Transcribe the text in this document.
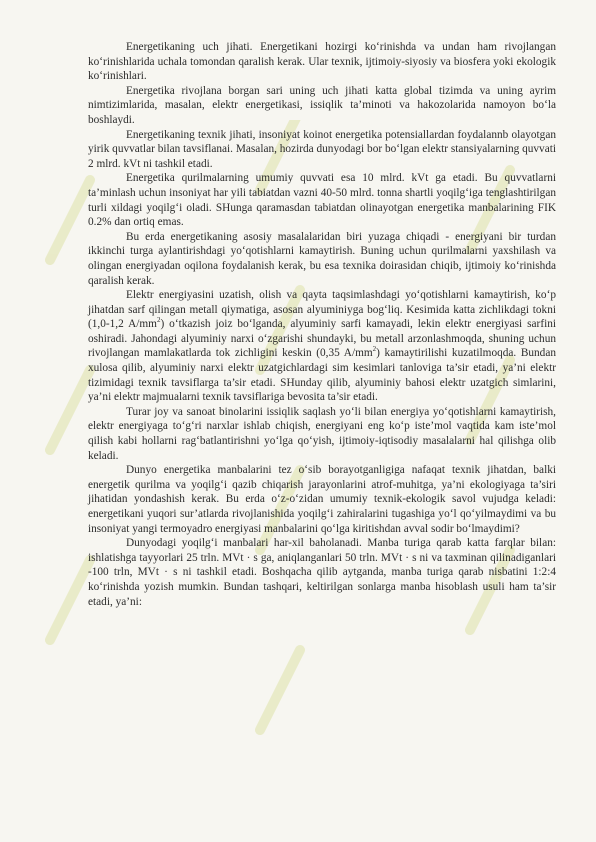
Energetikaning uch jihati. Energetikani hozirgi ko‘rinishda va undan ham rivojlangan ko‘rinishlarida uchala tomondan qaralish kerak. Ular texnik, ijtimoiy-siyosiy va biosfera yoki ekologik ko‘rinishlari.

Energetika rivojlana borgan sari uning uch jihati katta global tizimda va uning ayrim nimtizimlarida, masalan, elektr energetikasi, issiqlik ta’minoti va hakozolarida namoyon bo‘la boshlaydi.

Energetikaning texnik jihati, insoniyat koinot energetika potensiallardan foydalannb olayotgan yirik quvvatlar bilan tavsiflanai. Masalan, hozirda dunyodagi bor bo‘lgan elektr stansiyalarning quvvati 2 mlrd. kVt ni tashkil etadi.

Energetika qurilmalarning umumiy quvvati esa 10 mlrd. kVt ga etadi. Bu quvvatlarni ta’minlash uchun insoniyat har yili tabiatdan vazni 40-50 mlrd. tonna shartli yoqilg‘iga tenglashtirilgan turli xildagi yoqilg‘i oladi. SHunga qaramasdan tabiatdan olinayotgan energetika manbalarining FIK 0.2% dan ortiq emas.

Bu erda energetikaning asosiy masalalaridan biri yuzaga chiqadi - energiyani bir turdan ikkinchi turga aylantirishdagi yo‘qotishlarni kamaytirish. Buning uchun qurilmalarni yaxshilash va olingan energiyadan oqilona foydalanish kerak, bu esa texnika doirasidan chiqib, ijtimoiy ko‘rinishda qaralish kerak.

Elektr energiyasini uzatish, olish va qayta taqsimlashdagi yo‘qotishlarni kamaytirish, ko‘p jihatdan sarf qilingan metall qiymatiga, asosan alyuminiyga bog‘liq. Kesimida katta zichlikdagi tokni (1,0-1,2 $A/mm^2$) o‘tkazish joiz bo‘lganda, alyuminiy sarfi kamayadi, lekin elektr energiyasi sarfini oshiradi. Jahondagi alyuminiy narxi o‘zgarishi shundayki, bu metall arzonlashmoqda, shuning uchun rivojlangan mamlakatlarda tok zichligini keskin (0,35 $A/mm^2$) kamaytirilishi kuzatilmoqda. Bundan xulosa qilib, alyuminiy narxi elektr uzatgichlardagi sim kesimlari tanloviga ta’sir etadi, ya’ni elektr tizimidagi texnik tavsiflarga ta’sir etadi. SHunday qilib, alyuminiy bahosi elektr uzatgich simlarini, ya’ni elektr majmualarni texnik tavsiflariga bevosita ta’sir etadi.

Turar joy va sanoat binolarini issiqlik saqlash yo‘li bilan energiya yo‘qotishlarni kamaytirish, elektr energiyaga to‘g‘ri narxlar ishlab chiqish, energiyani eng ko‘p iste’mol vaqtida kam iste’mol qilish kabi hollarni rag‘batlantirishni yo‘lga qo‘yish, ijtimoiy-iqtisodiy masalalarni hal qilishga olib keladi.

Dunyo energetika manbalarini tez o‘sib borayotganligiga nafaqat texnik jihatdan, balki energetik qurilma va yoqilg‘i qazib chiqarish jarayonlarini atrof-muhitga, ya’ni ekologiyaga ta’siri jihatidan yondashish kerak. Bu erda o‘z-o‘zidan umumiy texnik-ekologik savol vujudga keladi: energetikani yuqori sur’atlarda rivojlanishida yoqilg‘i zahiralarini tugashiga yo‘l qo‘yilmaydimi va bu insoniyat yangi termoyadro energiyasi manbalarini qo‘lga kiritishdan avval sodir bo‘lmaydimi?

Dunyodagi yoqilg‘i manbalari har-xil baholanadi. Manba turiga qarab katta farqlar bilan: ishlatishga tayyorlari 25 trln. MVt · s ga, aniqlanganlari 50 trln. MVt · s ni va taxminan qilinadiganlari -100 trln, MVt · s ni tashkil etadi. Boshqacha qilib aytganda, manba turiga qarab nisbatini 1:2:4 ko‘rinishda yozish mumkin. Bundan tashqari, keltirilgan sonlarga manba hisoblash usuli ham ta’sir etadi, ya’ni:
